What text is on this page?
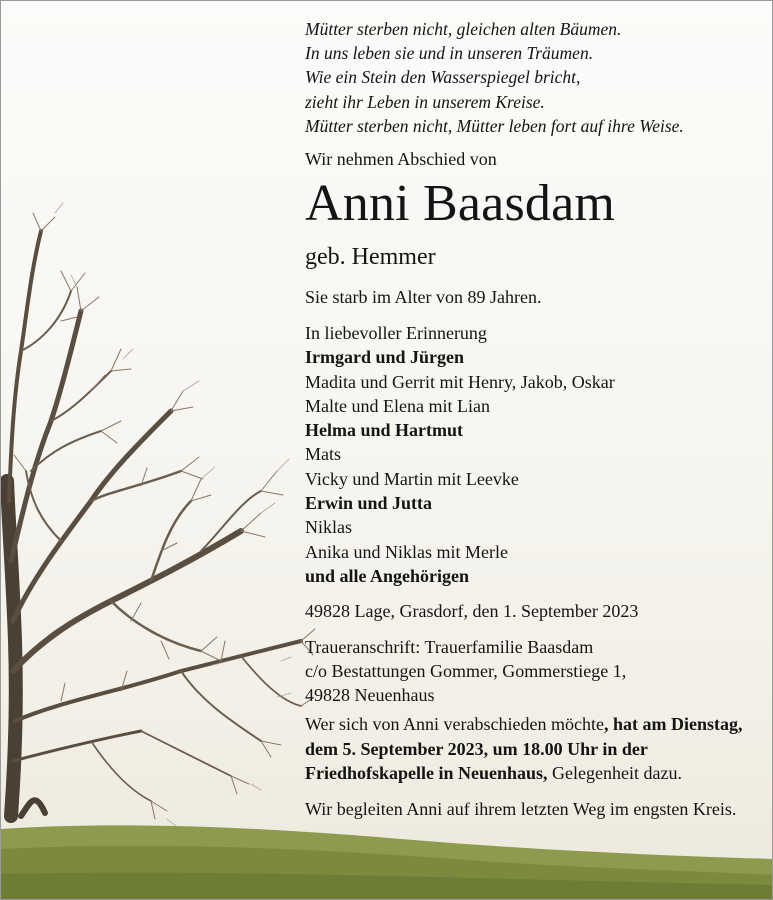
Mütter sterben nicht, gleichen alten Bäumen.
In uns leben sie und in unseren Träumen.
Wie ein Stein den Wasserspiegel bricht,
zieht ihr Leben in unserem Kreise.
Mütter sterben nicht, Mütter leben fort auf ihre Weise.
Wir nehmen Abschied von
Anni Baasdam
geb. Hemmer
Sie starb im Alter von 89 Jahren.
In liebevoller Erinnerung
Irmgard und Jürgen
Madita und Gerrit mit Henry, Jakob, Oskar
Malte und Elena mit Lian
Helma und Hartmut
Mats
Vicky und Martin mit Leevke
Erwin und Jutta
Niklas
Anika und Niklas mit Merle
und alle Angehörigen
49828 Lage, Grasdorf, den 1. September 2023
Traueranschrift: Trauerfamilie Baasdam
c/o Bestattungen Gommer, Gommerstiege 1,
49828 Neuenhaus
Wer sich von Anni verabschieden möchte, hat am Dienstag, dem 5. September 2023, um 18.00 Uhr in der Friedhofskapelle in Neuenhaus, Gelegenheit dazu.
Wir begleiten Anni auf ihrem letzten Weg im engsten Kreis.
